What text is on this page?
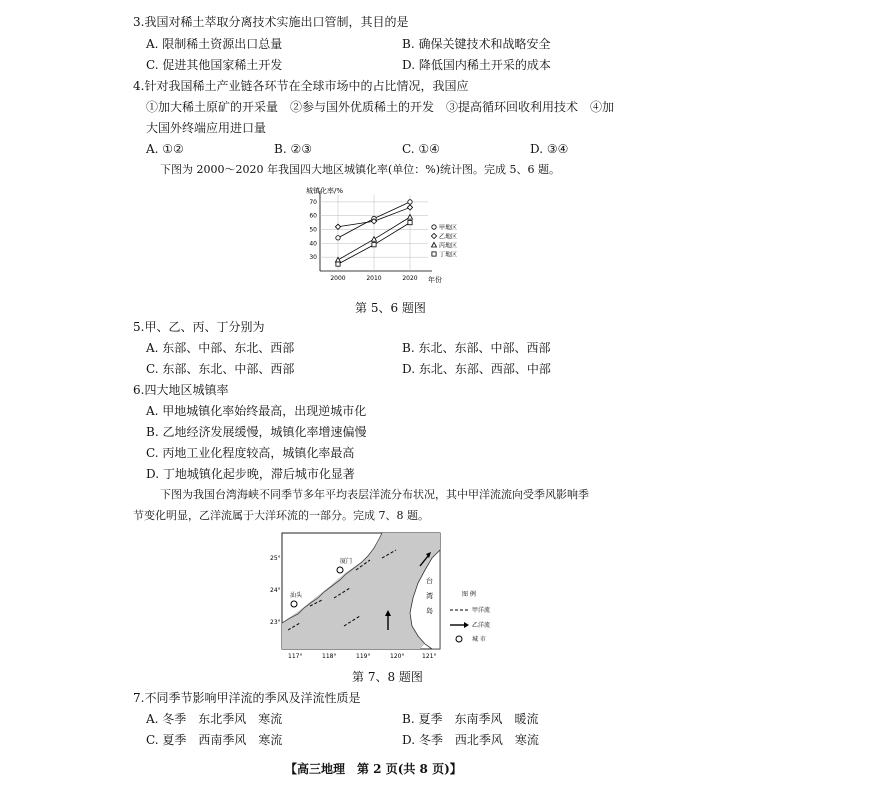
3.我国对稀土萃取分离技术实施出口管制，其目的是
A. 限制稀土资源出口总量	B. 确保关键技术和战略安全
C. 促进其他国家稀土开发	D. 降低国内稀土开采的成本
4.针对我国稀土产业链各环节在全球市场中的占比情况，我国应
①加大稀土原矿的开采量　②参与国外优质稀土的开发　③提高循环回收利用技术　④加
大国外终端应用进口量
A. ①②	B. ②③	C. ①④	D. ③④
下图为 2000～2020 年我国四大地区城镇化率(单位：%)统计图。完成 5、6 题。
城镇化率/%
年份
30
40
50
60
70
2000	2010	2020
甲地区
乙地区
丙地区
丁地区
第 5、6 题图
5.甲、乙、丙、丁分别为
A. 东部、中部、东北、西部	B. 东北、东部、中部、西部
C. 东部、东北、中部、西部	D. 东北、东部、西部、中部
6.四大地区城镇率
A. 甲地城镇化率始终最高，出现逆城市化
B. 乙地经济发展缓慢，城镇化率增速偏慢
C. 丙地工业化程度较高，城镇化率最高
D. 丁地城镇化起步晚，滞后城市化显著
下图为我国台湾海峡不同季节多年平均表层洋流分布状况，其中甲洋流流向受季风影响季
节变化明显，乙洋流属于大洋环流的一部分。完成 7、8 题。
台
湾
岛
厦门
汕头
25°
24°
23°
117°	118°	119°	120°	121°
图 例
甲洋流
乙洋流
城 市
第 7、8 题图
7.不同季节影响甲洋流的季风及洋流性质是
A. 冬季　东北季风　寒流	B. 夏季　东南季风　暖流
C. 夏季　西南季风　寒流	D. 冬季　西北季风　寒流
【高三地理　第 2 页(共 8 页)】
